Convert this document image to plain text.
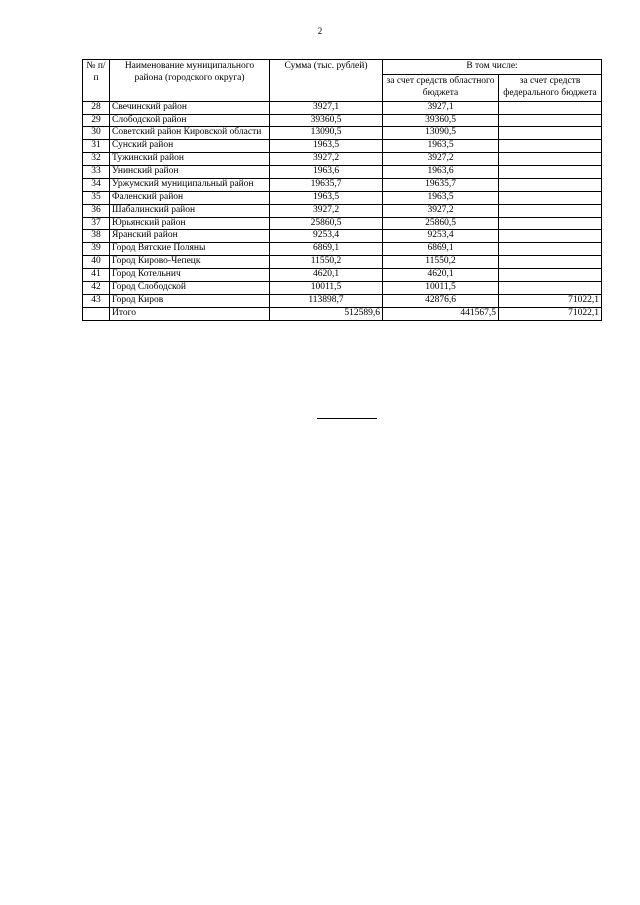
2
№ п/п	Наименование муниципального района (городского округа)	Сумма (тыс. рублей)	В том числе:	
			за счет средств областного бюджета	за счет средств федерального бюджета
28	Свечинский район	3927,1	3927,1	
29	Слободской район	39360,5	39360,5	
30	Советский район Кировской области	13090,5	13090,5	
31	Сунский район	1963,5	1963,5	
32	Тужинский район	3927,2	3927,2	
33	Унинский район	1963,6	1963,6	
34	Уржумский муниципальный район	19635,7	19635,7	
35	Фаленский район	1963,5	1963,5	
36	Шабалинский район	3927,2	3927,2	
37	Юрьянский район	25860,5	25860,5	
38	Яранский район	9253,4	9253,4	
39	Город Вятские Поляны	6869,1	6869,1	
40	Город Кирово-Чепецк	11550,2	11550,2	
41	Город Котельнич	4620,1	4620,1	
42	Город Слободской	10011,5	10011,5	
43	Город Киров	113898,7	42876,6	71022,1
	Итого	512589,6	441567,5	71022,1
